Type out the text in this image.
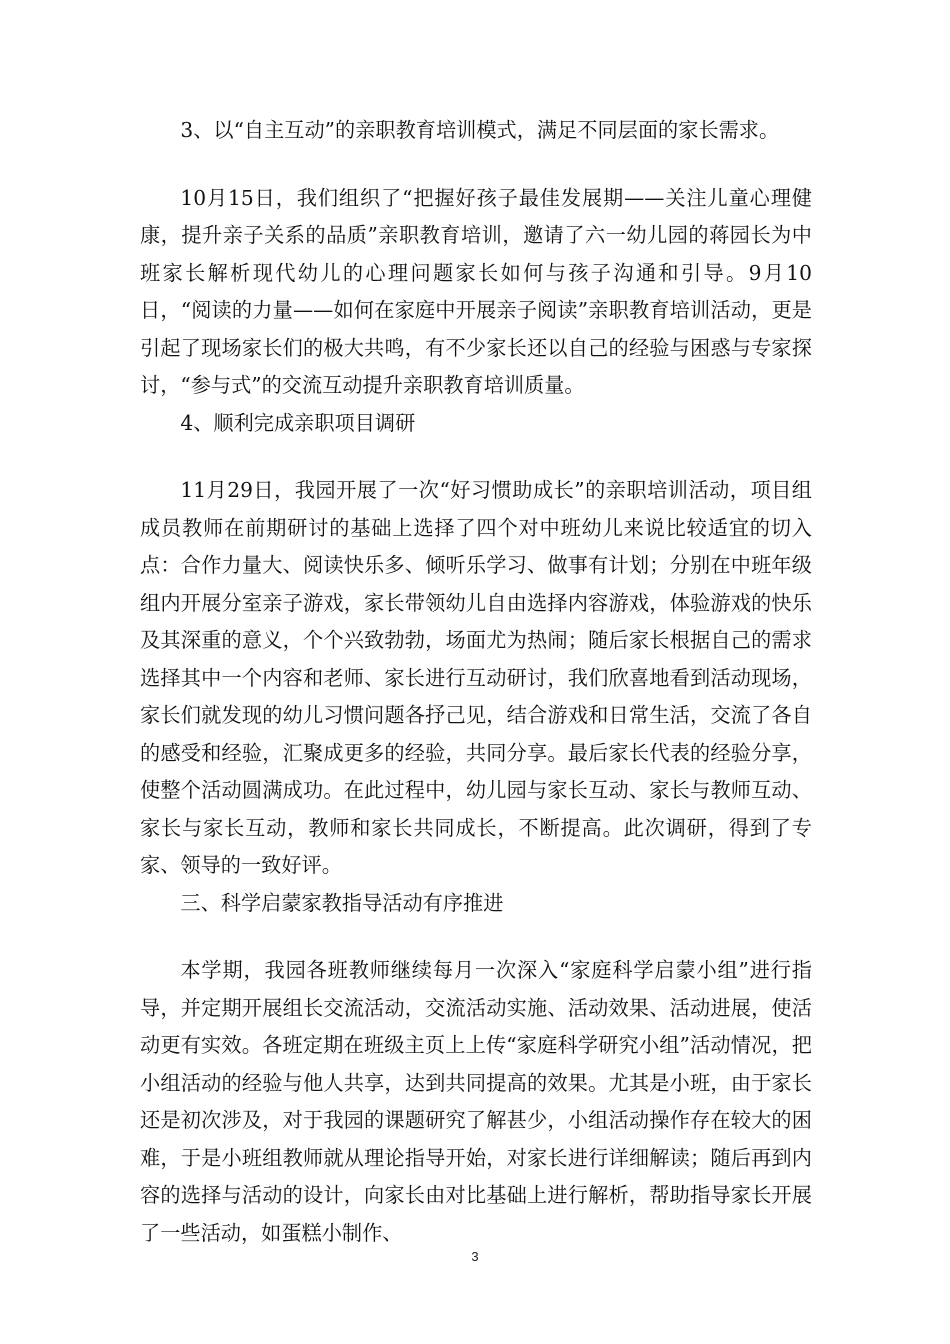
3、以“自主互动”的亲职教育培训模式，满足不同层面的家长需求。

10月15日，我们组织了“把握好孩子最佳发展期——关注儿童心理健康，提升亲子关系的品质”亲职教育培训，邀请了六一幼儿园的蒋园长为中班家长解析现代幼儿的心理问题家长如何与孩子沟通和引导。9月10日，“阅读的力量——如何在家庭中开展亲子阅读”亲职教育培训活动，更是引起了现场家长们的极大共鸣，有不少家长还以自己的经验与困惑与专家探讨，“参与式”的交流互动提升亲职教育培训质量。

4、顺利完成亲职项目调研

11月29日，我园开展了一次“好习惯助成长”的亲职培训活动，项目组成员教师在前期研讨的基础上选择了四个对中班幼儿来说比较适宜的切入点：合作力量大、阅读快乐多、倾听乐学习、做事有计划；分别在中班年级组内开展分室亲子游戏，家长带领幼儿自由选择内容游戏，体验游戏的快乐及其深重的意义，个个兴致勃勃，场面尤为热闹；随后家长根据自己的需求选择其中一个内容和老师、家长进行互动研讨，我们欣喜地看到活动现场，家长们就发现的幼儿习惯问题各抒己见，结合游戏和日常生活，交流了各自的感受和经验，汇聚成更多的经验，共同分享。最后家长代表的经验分享，使整个活动圆满成功。在此过程中，幼儿园与家长互动、家长与教师互动、家长与家长互动，教师和家长共同成长，不断提高。此次调研，得到了专家、领导的一致好评。

三、科学启蒙家教指导活动有序推进

本学期，我园各班教师继续每月一次深入“家庭科学启蒙小组”进行指导，并定期开展组长交流活动，交流活动实施、活动效果、活动进展，使活动更有实效。各班定期在班级主页上上传“家庭科学研究小组”活动情况，把小组活动的经验与他人共享，达到共同提高的效果。尤其是小班，由于家长还是初次涉及，对于我园的课题研究了解甚少，小组活动操作存在较大的困难，于是小班组教师就从理论指导开始，对家长进行详细解读；随后再到内容的选择与活动的设计，向家长由对比基础上进行解析，帮助指导家长开展了一些活动，如蛋糕小制作、

3
